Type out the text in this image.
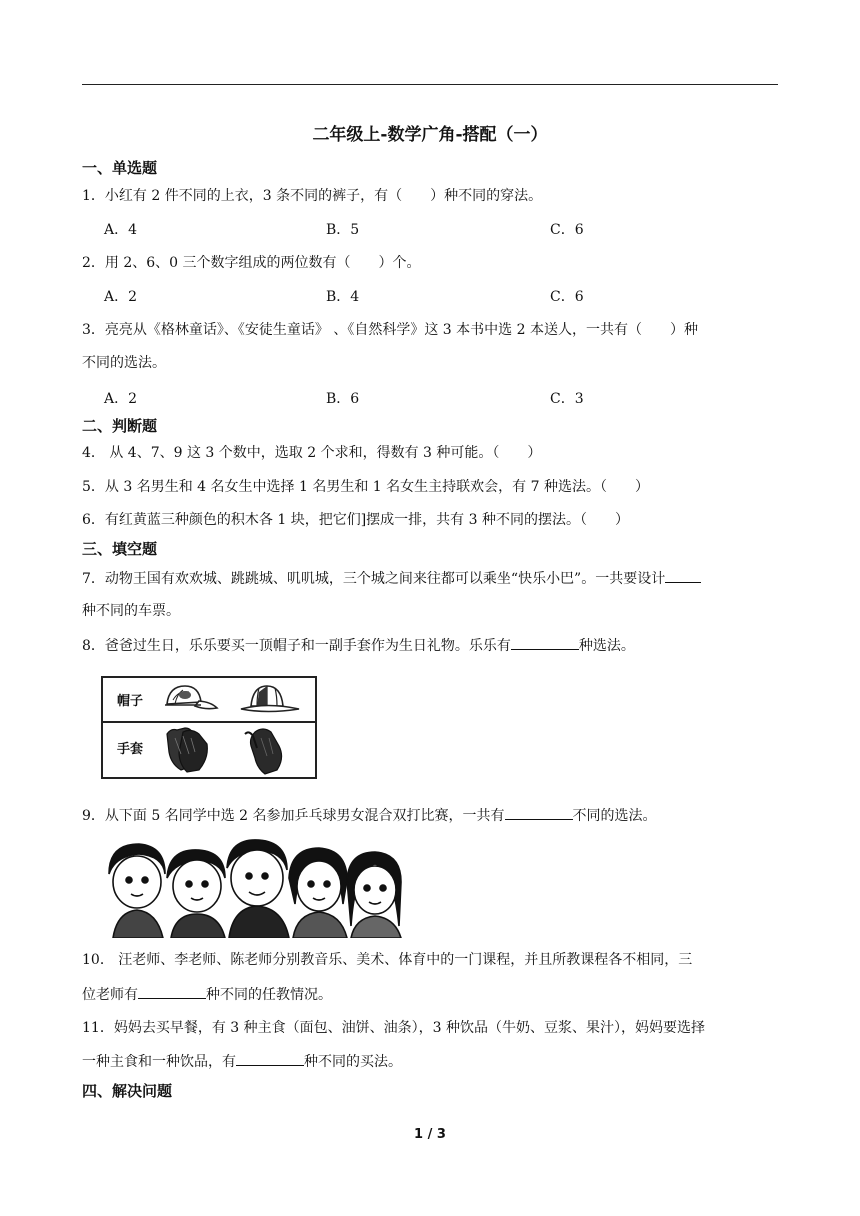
二年级上-数学广角-搭配（一）
一、单选题
1．小红有 2 件不同的上衣，3 条不同的裤子，有（　　）种不同的穿法。
A．4	B．5	C．6
2．用 2、6、0 三个数字组成的两位数有（　　）个。
A．2	B．4	C．6
3．亮亮从《格林童话》、《安徒生童话》 、《自然科学》这 3 本书中选 2 本送人，一共有（　　）种
不同的选法。
A．2	B．6	C．3
二、判断题
4． 从 4、7、9 这 3 个数中，选取 2 个求和，得数有 3 种可能。（　　）
5．从 3 名男生和 4 名女生中选择 1 名男生和 1 名女生主持联欢会，有 7 种选法。（　　）
6．有红黄蓝三种颜色的积木各 1 块，把它们]摆成一排，共有 3 种不同的摆法。（　　）
三、填空题
7．动物王国有欢欢城、跳跳城、叽叽城，三个城之间来往都可以乘坐“快乐小巴”。一共要设计
种不同的车票。
8．爸爸过生日，乐乐要买一顶帽子和一副手套作为生日礼物。乐乐有	种选法。
帽子
手套
9．从下面 5 名同学中选 2 名参加乒乓球男女混合双打比赛，一共有	不同的选法。
10． 汪老师、李老师、陈老师分别教音乐、美术、体育中的一门课程，并且所教课程各不相同，三
位老师有	种不同的任教情况。
11．妈妈去买早餐，有 3 种主食（面包、油饼、油条），3 种饮品（牛奶、豆浆、果汁），妈妈要选择
一种主食和一种饮品，有	种不同的买法。
四、解决问题
1 / 3
